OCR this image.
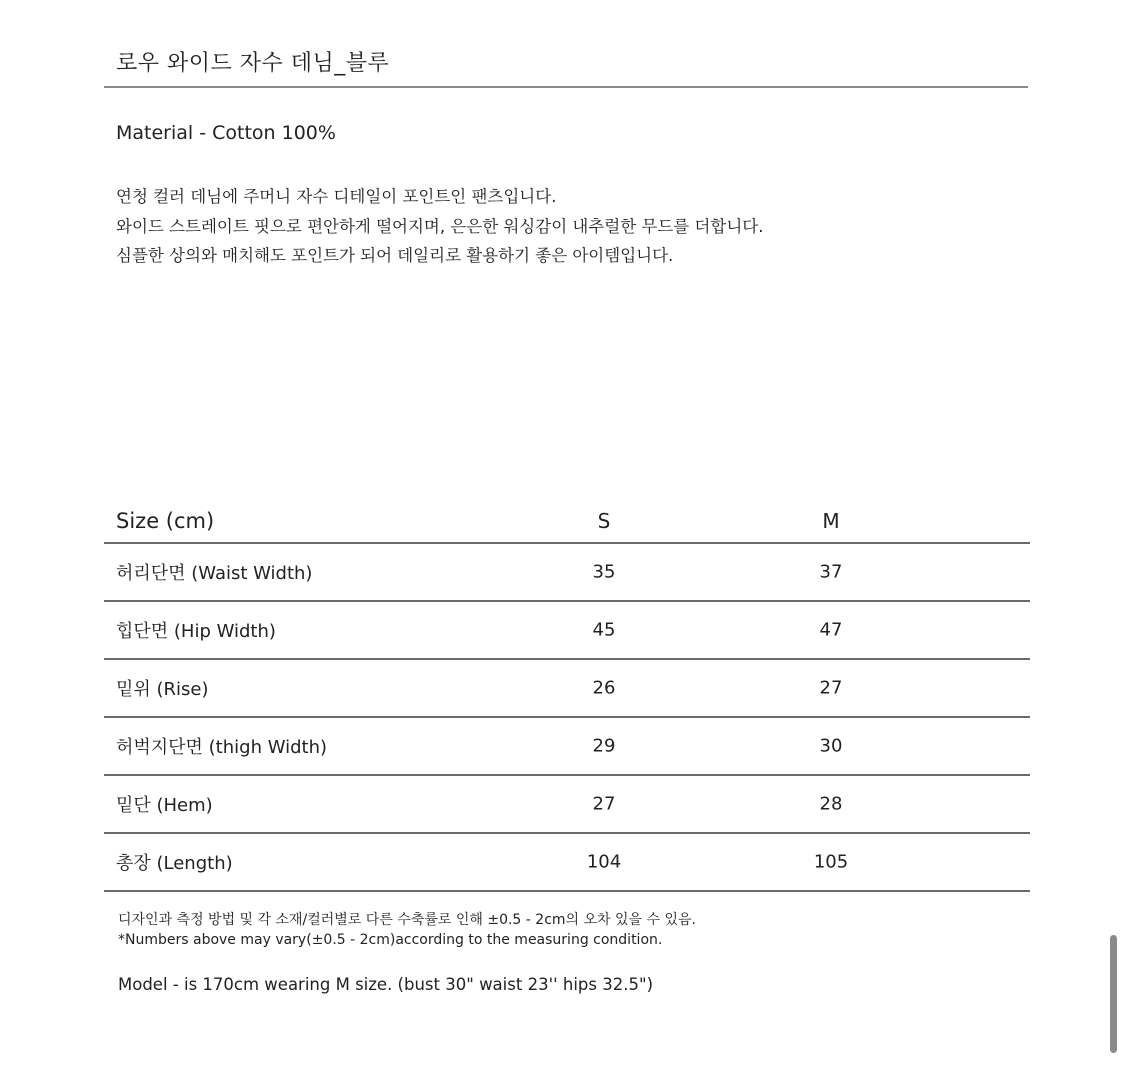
로우 와이드 자수 데님_블루
Material - Cotton 100%
연청 컬러 데님에 주머니 자수 디테일이 포인트인 팬츠입니다.
와이드 스트레이트 핏으로 편안하게 떨어지며, 은은한 워싱감이 내추럴한 무드를 더합니다.
심플한 상의와 매치해도 포인트가 되어 데일리로 활용하기 좋은 아이템입니다.
Size (cm)	S	M
허리단면 (Waist Width)	35	37
힙단면 (Hip Width)	45	47
밑위 (Rise)	26	27
허벅지단면 (thigh Width)	29	30
밑단 (Hem)	27	28
총장 (Length)	104	105
디자인과 측정 방법 및 각 소재/컬러별로 다른 수축률로 인해 ±0.5 - 2cm의 오차 있을 수 있음.
*Numbers above may vary(±0.5 - 2cm)according to the measuring condition.
Model - is 170cm wearing M size. (bust 30" waist 23'' hips 32.5")
